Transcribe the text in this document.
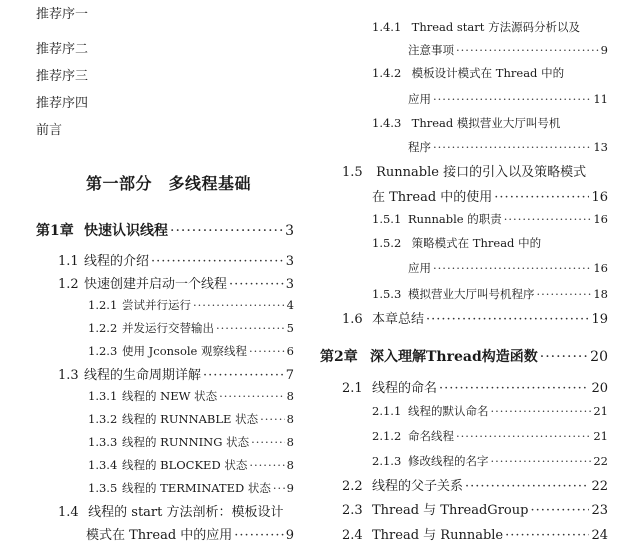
推荐序一
推荐序二
推荐序三
推荐序四
前言
第一部分　多线程基础
第1章 快速认识线程 ·····	3
1.1 线程的介绍 ·····	3
1.2 快速创建并启动一个线程 ·····	3
1.2.1 尝试并行运行 ·····	4
1.2.2 并发运行交替输出 ·····	5
1.2.3 使用 Jconsole 观察线程 ·····	6
1.3 线程的生命周期详解 ·····	7
1.3.1 线程的 NEW 状态 ·····	8
1.3.2 线程的 RUNNABLE 状态 ····· 8
1.3.3 线程的 RUNNING 状态 ·····	8
1.3.4 线程的 BLOCKED 状态 ·····	8
1.3.5 线程的 TERMINATED 状态 ····· 9
1.4 线程的 start 方法剖析：模板设计
模式在 Thread 中的应用 ·····	9
1.4.1 Thread start 方法源码分析以及
注意事项 ·····	9
1.4.2 模板设计模式在 Thread 中的
应用 ·····	11
1.4.3 Thread 模拟营业大厅叫号机
程序 ·····	13
1.5 Runnable 接口的引入以及策略模式
在 Thread 中的使用 ·····	16
1.5.1 Runnable 的职责 ·····	16
1.5.2 策略模式在 Thread 中的
应用 ·····	16
1.5.3 模拟营业大厅叫号机程序 ·····	18
1.6 本章总结 ·····	19
第2章 深入理解Thread构造函数 ·····	20
2.1 线程的命名 ·····	20
2.1.1 线程的默认命名 ·····	21
2.1.2 命名线程 ·····	21
2.1.3 修改线程的名字 ·····	22
2.2 线程的父子关系 ·····	22
2.3 Thread 与 ThreadGroup ·····	23
2.4 Thread 与 Runnable ·····	24
